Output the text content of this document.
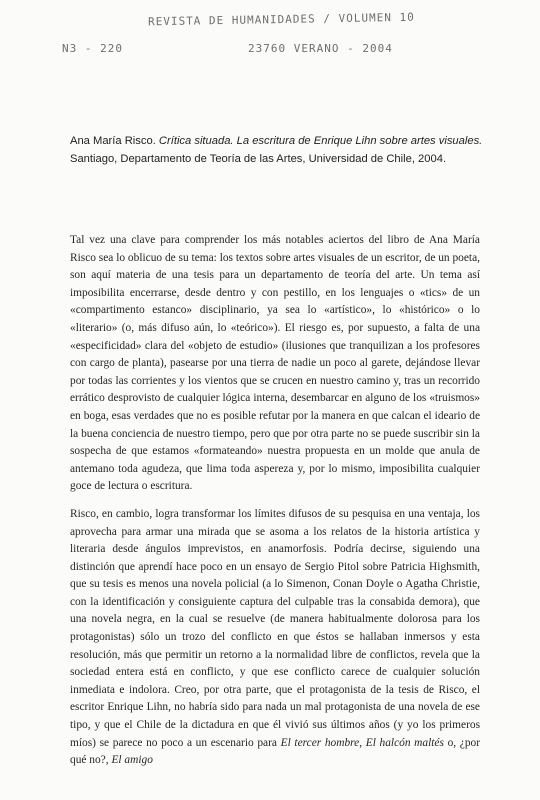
REVISTA DE HUMANIDADES / VOLUMEN 10
N3 - 220	23760 VERANO - 2004
Ana María Risco. Crítica situada. La escritura de Enrique Lihn sobre artes visuales. Santiago, Departamento de Teoría de las Artes, Universidad de Chile, 2004.

Tal vez una clave para comprender los más notables aciertos del libro de Ana María Risco sea lo oblicuo de su tema: los textos sobre artes visuales de un escritor, de un poeta, son aquí materia de una tesis para un departamento de teoría del arte. Un tema así imposibilita encerrarse, desde dentro y con pestillo, en los lenguajes o «tics» de un «compartimento estanco» disciplinario, ya sea lo «artístico», lo «histórico» o lo «literario» (o, más difuso aún, lo «teórico»). El riesgo es, por supuesto, a falta de una «especificidad» clara del «objeto de estudio» (ilusiones que tranquilizan a los profesores con cargo de planta), pasearse por una tierra de nadie un poco al garete, dejándose llevar por todas las corrientes y los vientos que se crucen en nuestro camino y, tras un recorrido errático desprovisto de cualquier lógica interna, desembarcar en alguno de los «truismos» en boga, esas verdades que no es posible refutar por la manera en que calcan el ideario de la buena conciencia de nuestro tiempo, pero que por otra parte no se puede suscribir sin la sospecha de que estamos «formateando» nuestra propuesta en un molde que anula de antemano toda agudeza, que lima toda aspereza y, por lo mismo, imposibilita cualquier goce de lectura o escritura.

Risco, en cambio, logra transformar los límites difusos de su pesquisa en una ventaja, los aprovecha para armar una mirada que se asoma a los relatos de la historia artística y literaria desde ángulos imprevistos, en anamorfosis. Podría decirse, siguiendo una distinción que aprendí hace poco en un ensayo de Sergio Pitol sobre Patricia Highsmith, que su tesis es menos una novela policial (a lo Simenon, Conan Doyle o Agatha Christie, con la identificación y consiguiente captura del culpable tras la consabida demora), que una novela negra, en la cual se resuelve (de manera habitualmente dolorosa para los protagonistas) sólo un trozo del conflicto en que éstos se hallaban inmersos y esta resolución, más que permitir un retorno a la normalidad libre de conflictos, revela que la sociedad entera está en conflicto, y que ese conflicto carece de cualquier solución inmediata e indolora. Creo, por otra parte, que el protagonista de la tesis de Risco, el escritor Enrique Lihn, no habría sido para nada un mal protagonista de una novela de ese tipo, y que el Chile de la dictadura en que él vivió sus últimos años (y yo los primeros míos) se parece no poco a un escenario para El tercer hombre, El halcón maltés o, ¿por qué no?, El amigo
